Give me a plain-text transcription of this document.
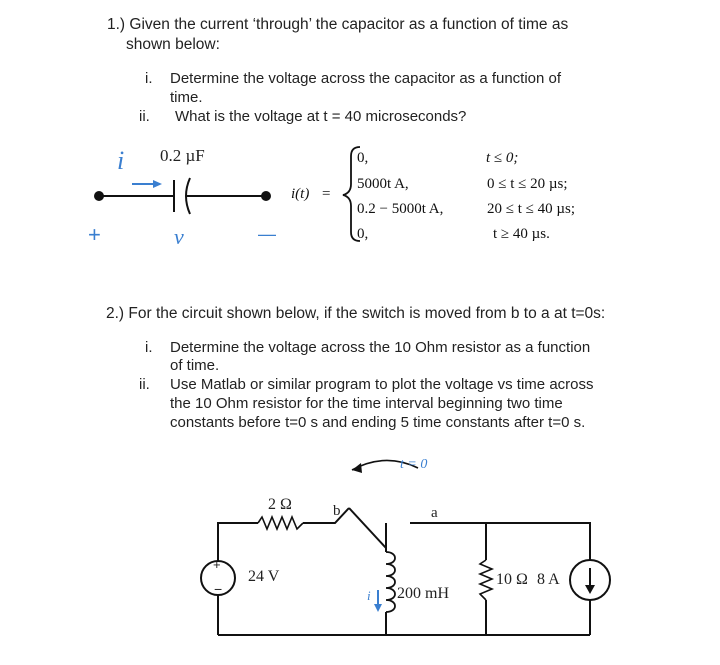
1.) Given the current ‘through’ the capacitor as a function of time as
shown below:
i. Determine the voltage across the capacitor as a function of
time.
ii. What is the voltage at t = 40 microseconds?
i 0.2 µF
+	v	—
i(t) =
0,	t ≤ 0;
5000t A,	0 ≤ t ≤ 20 µs;
0.2 − 5000t A,	20 ≤ t ≤ 40 µs;
0,	t ≥ 40 µs.
2.) For the circuit shown below, if the switch is moved from b to a at t=0s:
i. Determine the voltage across the 10 Ohm resistor as a function
of time.
ii. Use Matlab or similar program to plot the voltage vs time across
the 10 Ohm resistor for the time interval beginning two time
constants before t=0 s and ending 5 time constants after t=0 s.
t = 0
2 Ω	b	a
+
−
24 V
i 200 mH
10 Ω 8 A
